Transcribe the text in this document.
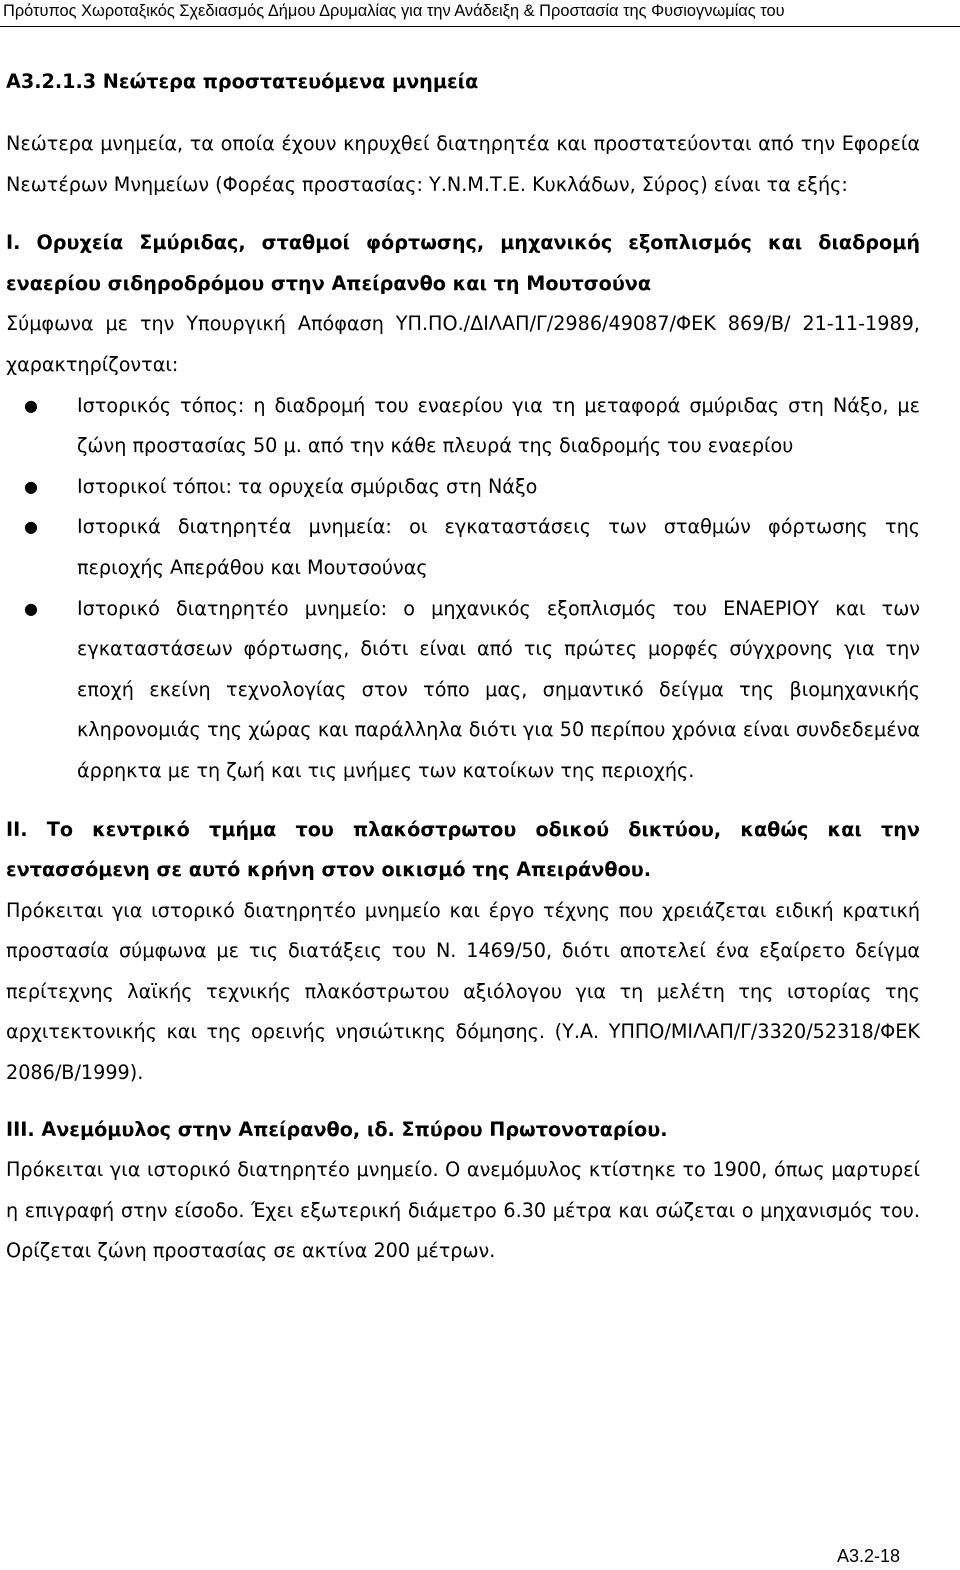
Πρότυπος Χωροταξικός Σχεδιασμός Δήμου Δρυμαλίας για την Ανάδειξη & Προστασία της Φυσιογνωμίας του

Α3.2.1.3 Νεώτερα προστατευόμενα μνημεία

Νεώτερα μνημεία, τα οποία έχουν κηρυχθεί διατηρητέα και προστατεύονται από την Εφορεία Νεωτέρων Μνημείων (Φορέας προστασίας: Υ.Ν.Μ.Τ.Ε. Κυκλάδων, Σύρος) είναι τα εξής:

Ι. Ορυχεία Σμύριδας, σταθμοί φόρτωσης, μηχανικός εξοπλισμός και διαδρομή εναερίου σιδηροδρόμου στην Απείρανθο και τη Μουτσούνα

Σύμφωνα με την Υπουργική Απόφαση ΥΠ.ΠΟ./ΔΙΛΑΠ/Γ/2986/49087/ΦΕΚ 869/Β/ 21-11-1989, χαρακτηρίζονται:

● Ιστορικός τόπος: η διαδρομή του εναερίου για τη μεταφορά σμύριδας στη Νάξο, με ζώνη προστασίας 50 μ. από την κάθε πλευρά της διαδρομής του εναερίου
● Ιστορικοί τόποι: τα ορυχεία σμύριδας στη Νάξο
● Ιστορικά διατηρητέα μνημεία: οι εγκαταστάσεις των σταθμών φόρτωσης της περιοχής Απεράθου και Μουτσούνας
● Ιστορικό διατηρητέο μνημείο: ο μηχανικός εξοπλισμός του ΕΝΑΕΡΙΟΥ και των εγκαταστάσεων φόρτωσης, διότι είναι από τις πρώτες μορφές σύγχρονης για την εποχή εκείνη τεχνολογίας στον τόπο μας, σημαντικό δείγμα της βιομηχανικής κληρονομιάς της χώρας και παράλληλα διότι για 50 περίπου χρόνια είναι συνδεδεμένα άρρηκτα με τη ζωή και τις μνήμες των κατοίκων της περιοχής.

ΙΙ. Το κεντρικό τμήμα του πλακόστρωτου οδικού δικτύου, καθώς και την εντασσόμενη σε αυτό κρήνη στον οικισμό της Απειράνθου.

Πρόκειται για ιστορικό διατηρητέο μνημείο και έργο τέχνης που χρειάζεται ειδική κρατική προστασία σύμφωνα με τις διατάξεις του Ν. 1469/50, διότι αποτελεί ένα εξαίρετο δείγμα περίτεχνης λαϊκής τεχνικής πλακόστρωτου αξιόλογου για τη μελέτη της ιστορίας της αρχιτεκτονικής και της ορεινής νησιώτικης δόμησης. (Υ.Α. ΥΠΠΟ/ΜΙΛΑΠ/Γ/3320/52318/ΦΕΚ 2086/Β/1999).

ΙΙΙ. Ανεμόμυλος στην Απείρανθο, ιδ. Σπύρου Πρωτονοταρίου.

Πρόκειται για ιστορικό διατηρητέο μνημείο. Ο ανεμόμυλος κτίστηκε το 1900, όπως μαρτυρεί η επιγραφή στην είσοδο. Έχει εξωτερική διάμετρο 6.30 μέτρα και σώζεται ο μηχανισμός του. Ορίζεται ζώνη προστασίας σε ακτίνα 200 μέτρων.

Α3.2-18
